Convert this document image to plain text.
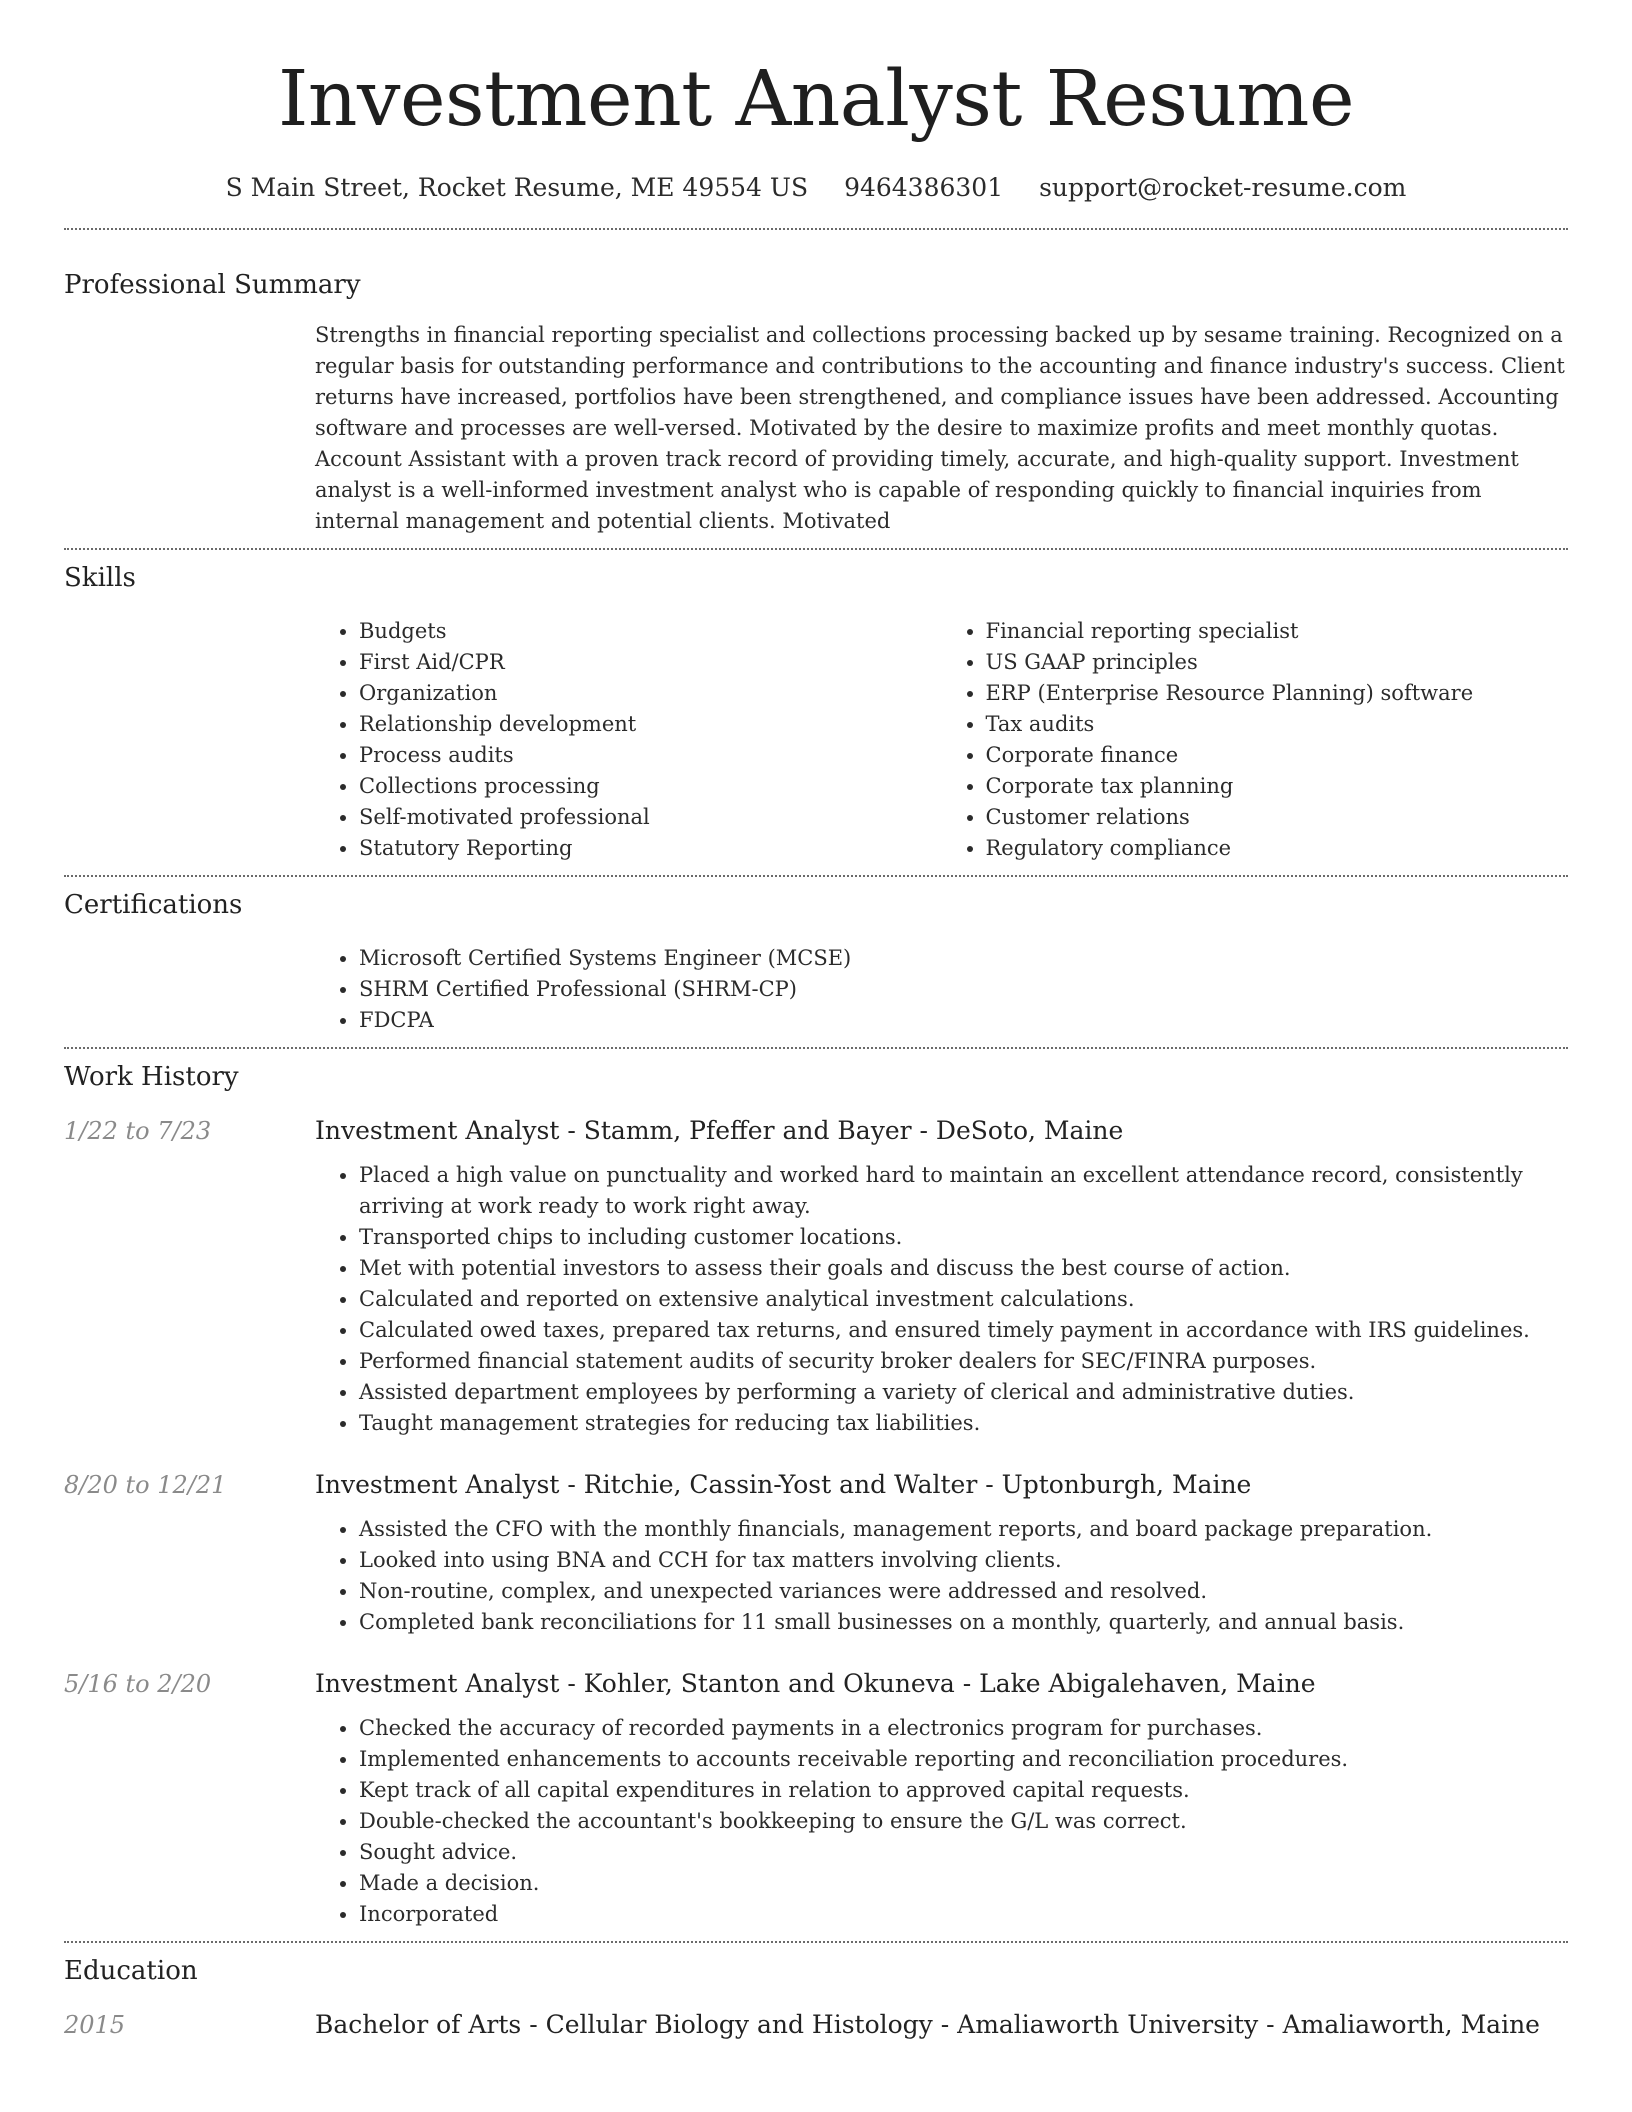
Investment Analyst Resume
S Main Street, Rocket Resume, ME 49554 US 9464386301 support@rocket-resume.com
Professional Summary
Strengths in financial reporting specialist and collections processing backed up by sesame training. Recognized on a regular basis for outstanding performance and contributions to the accounting and finance industry's success. Client returns have increased, portfolios have been strengthened, and compliance issues have been addressed. Accounting software and processes are well-versed. Motivated by the desire to maximize profits and meet monthly quotas. Account Assistant with a proven track record of providing timely, accurate, and high-quality support. Investment analyst is a well-informed investment analyst who is capable of responding quickly to financial inquiries from internal management and potential clients. Motivated
Skills
• Budgets
• First Aid/CPR
• Organization
• Relationship development
• Process audits
• Collections processing
• Self-motivated professional
• Statutory Reporting
• Financial reporting specialist
• US GAAP principles
• ERP (Enterprise Resource Planning) software
• Tax audits
• Corporate finance
• Corporate tax planning
• Customer relations
• Regulatory compliance
Certifications
• Microsoft Certified Systems Engineer (MCSE)
• SHRM Certified Professional (SHRM-CP)
• FDCPA
Work History
1/22 to 7/23	Investment Analyst - Stamm, Pfeffer and Bayer - DeSoto, Maine
• Placed a high value on punctuality and worked hard to maintain an excellent attendance record, consistently arriving at work ready to work right away.
• Transported chips to including customer locations.
• Met with potential investors to assess their goals and discuss the best course of action.
• Calculated and reported on extensive analytical investment calculations.
• Calculated owed taxes, prepared tax returns, and ensured timely payment in accordance with IRS guidelines.
• Performed financial statement audits of security broker dealers for SEC/FINRA purposes.
• Assisted department employees by performing a variety of clerical and administrative duties.
• Taught management strategies for reducing tax liabilities.
8/20 to 12/21	Investment Analyst - Ritchie, Cassin-Yost and Walter - Uptonburgh, Maine
• Assisted the CFO with the monthly financials, management reports, and board package preparation.
• Looked into using BNA and CCH for tax matters involving clients.
• Non-routine, complex, and unexpected variances were addressed and resolved.
• Completed bank reconciliations for 11 small businesses on a monthly, quarterly, and annual basis.
5/16 to 2/20	Investment Analyst - Kohler, Stanton and Okuneva - Lake Abigalehaven, Maine
• Checked the accuracy of recorded payments in a electronics program for purchases.
• Implemented enhancements to accounts receivable reporting and reconciliation procedures.
• Kept track of all capital expenditures in relation to approved capital requests.
• Double-checked the accountant's bookkeeping to ensure the G/L was correct.
• Sought advice.
• Made a decision.
• Incorporated
Education
2015	Bachelor of Arts - Cellular Biology and Histology - Amaliaworth University - Amaliaworth, Maine
